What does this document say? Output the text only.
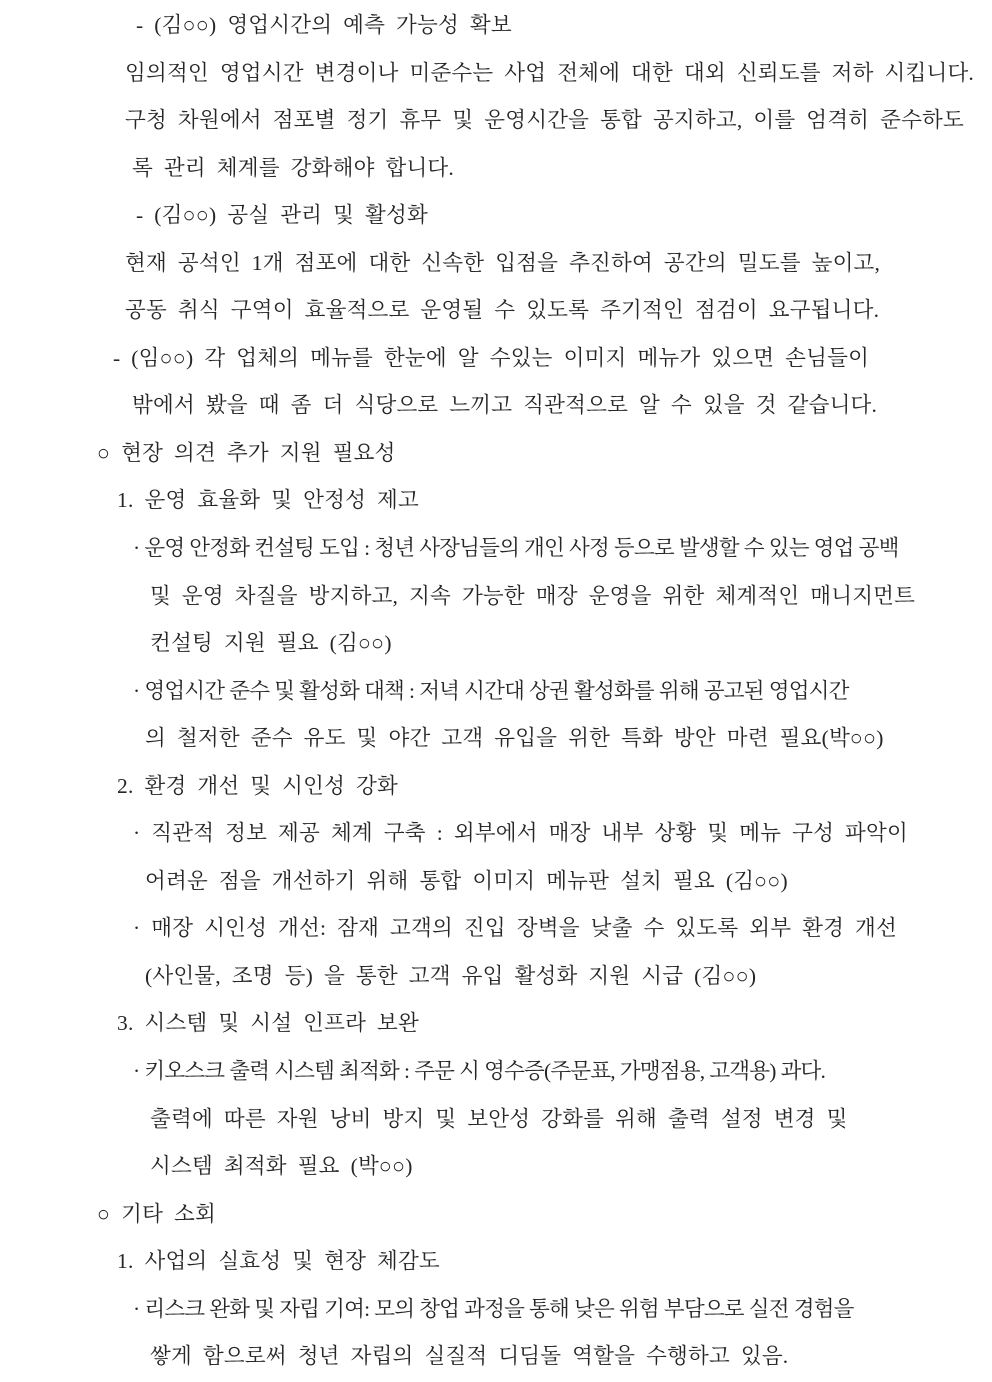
- (김○○) 영업시간의 예측 가능성 확보
임의적인 영업시간 변경이나 미준수는 사업 전체에 대한 대외 신뢰도를 저하 시킵니다.
구청 차원에서 점포별 정기 휴무 및 운영시간을 통합 공지하고, 이를 엄격히 준수하도
록 관리 체계를 강화해야 합니다.
- (김○○) 공실 관리 및 활성화
현재 공석인 1개 점포에 대한 신속한 입점을 추진하여 공간의 밀도를 높이고,
공동 취식 구역이 효율적으로 운영될 수 있도록 주기적인 점검이 요구됩니다.
- (임○○) 각 업체의 메뉴를 한눈에 알 수있는 이미지 메뉴가 있으면 손님들이
밖에서 봤을 때 좀 더 식당으로 느끼고 직관적으로 알 수 있을 것 같습니다.
○ 현장 의견 추가 지원 필요성
1. 운영 효율화 및 안정성 제고
· 운영 안정화 컨설팅 도입 : 청년 사장님들의 개인 사정 등으로 발생할 수 있는 영업 공백
및 운영 차질을 방지하고, 지속 가능한 매장 운영을 위한 체계적인 매니지먼트
컨설팅 지원 필요 (김○○)
· 영업시간 준수 및 활성화 대책 : 저녁 시간대 상권 활성화를 위해 공고된 영업시간
의 철저한 준수 유도 및 야간 고객 유입을 위한 특화 방안 마련 필요(박○○)
2. 환경 개선 및 시인성 강화
· 직관적 정보 제공 체계 구축 : 외부에서 매장 내부 상황 및 메뉴 구성 파악이
어려운 점을 개선하기 위해 통합 이미지 메뉴판 설치 필요 (김○○)
· 매장 시인성 개선: 잠재 고객의 진입 장벽을 낮출 수 있도록 외부 환경 개선
(사인물, 조명 등) 을 통한 고객 유입 활성화 지원 시급 (김○○)
3. 시스템 및 시설 인프라 보완
· 키오스크 출력 시스템 최적화 : 주문 시 영수증(주문표, 가맹점용, 고객용) 과다.
출력에 따른 자원 낭비 방지 및 보안성 강화를 위해 출력 설정 변경 및
시스템 최적화 필요 (박○○)
○ 기타 소회
1. 사업의 실효성 및 현장 체감도
· 리스크 완화 및 자립 기여: 모의 창업 과정을 통해 낮은 위험 부담으로 실전 경험을
쌓게 함으로써 청년 자립의 실질적 디딤돌 역할을 수행하고 있음.
